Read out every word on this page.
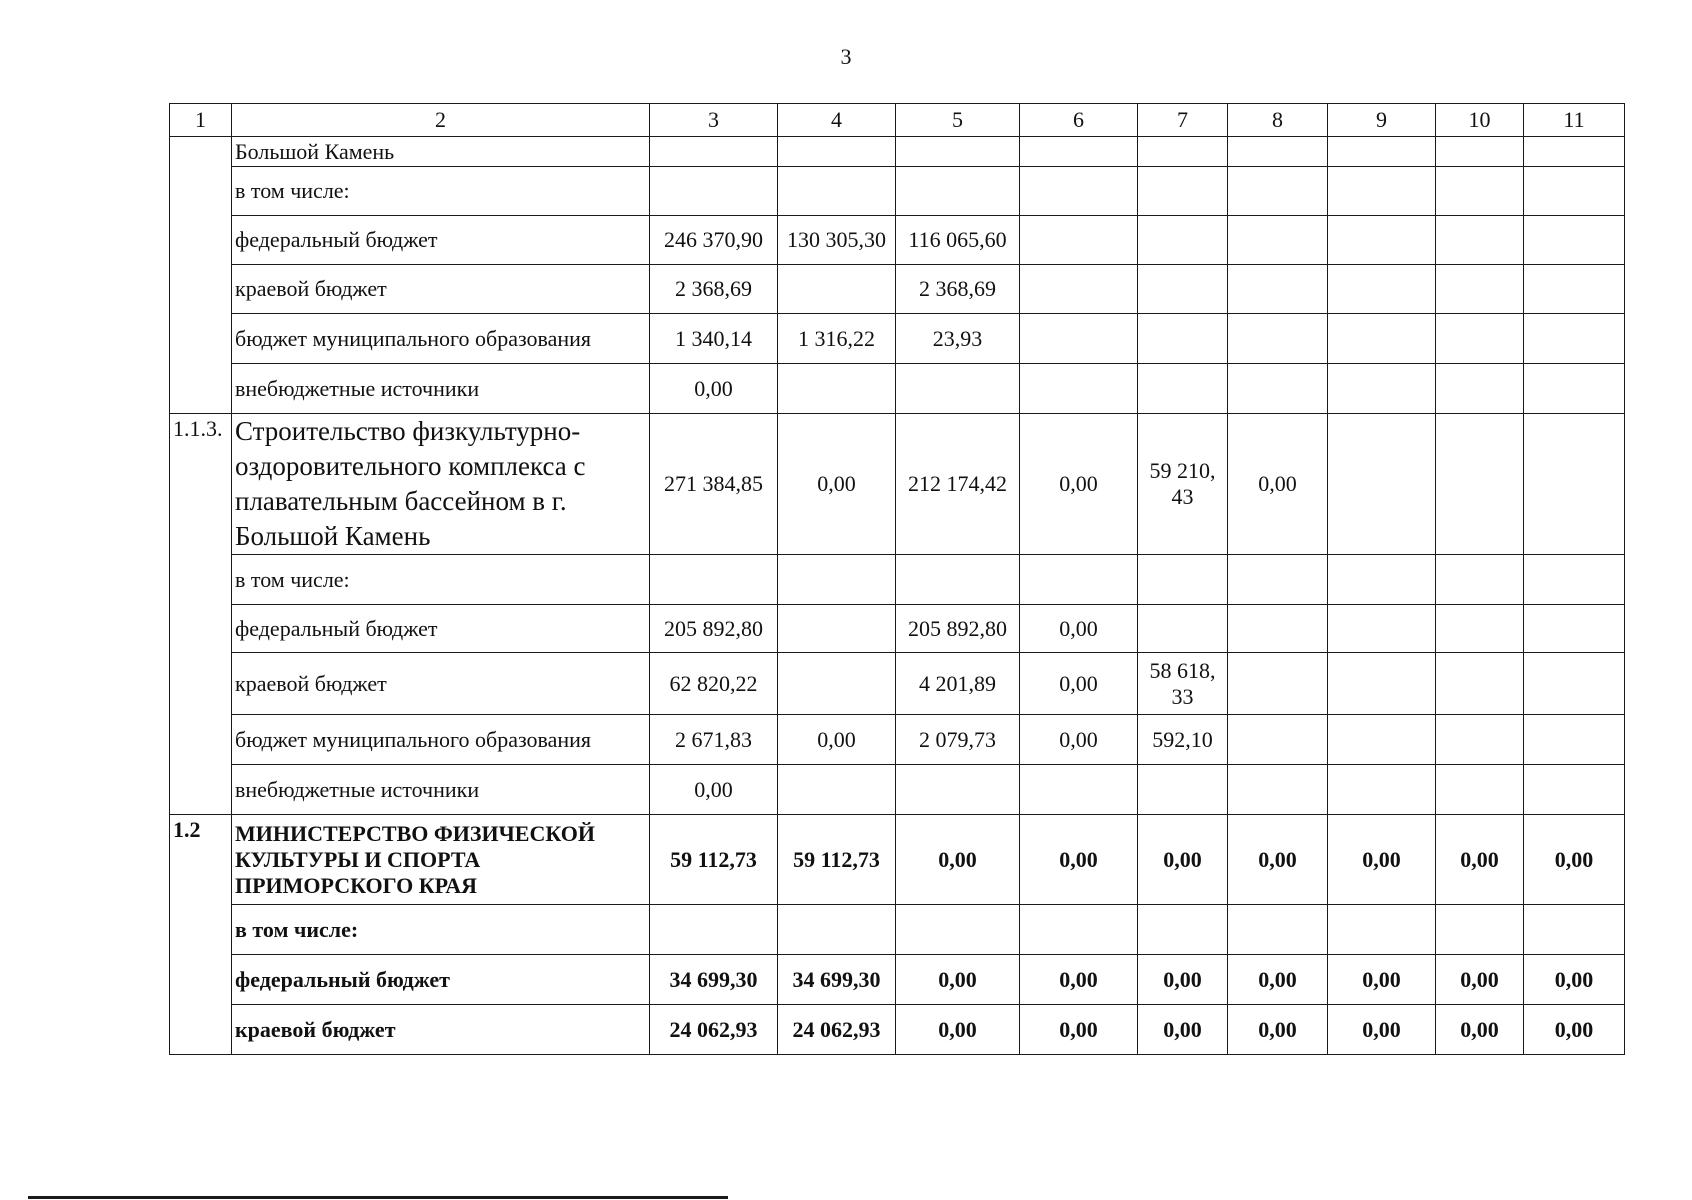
3
1	2	3	4	5	6	7	8	9	10	11
	Большой Камень									
	в том числе:									
	федеральный бюджет	246 370,90	130 305,30	116 065,60						
	краевой бюджет	2 368,69		2 368,69						
	бюджет муниципального образования	1 340,14	1 316,22	23,93						
	внебюджетные источники	0,00								
1.1.3.	Строительство физкультурно-оздоровительного комплекса с плавательным бассейном в г. Большой Камень	271 384,85	0,00	212 174,42	0,00	59 210, 43	0,00			
	в том числе:									
	федеральный бюджет	205 892,80		205 892,80	0,00					
	краевой бюджет	62 820,22		4 201,89	0,00	58 618, 33				
	бюджет муниципального образования	2 671,83	0,00	2 079,73	0,00	592,10				
	внебюджетные источники	0,00								
1.2	МИНИСТЕРСТВО ФИЗИЧЕСКОЙ КУЛЬТУРЫ И СПОРТА ПРИМОРСКОГО КРАЯ	59 112,73	59 112,73	0,00	0,00	0,00	0,00	0,00	0,00	0,00
	в том числе:									
	федеральный бюджет	34 699,30	34 699,30	0,00	0,00	0,00	0,00	0,00	0,00	0,00
	краевой бюджет	24 062,93	24 062,93	0,00	0,00	0,00	0,00	0,00	0,00	0,00
